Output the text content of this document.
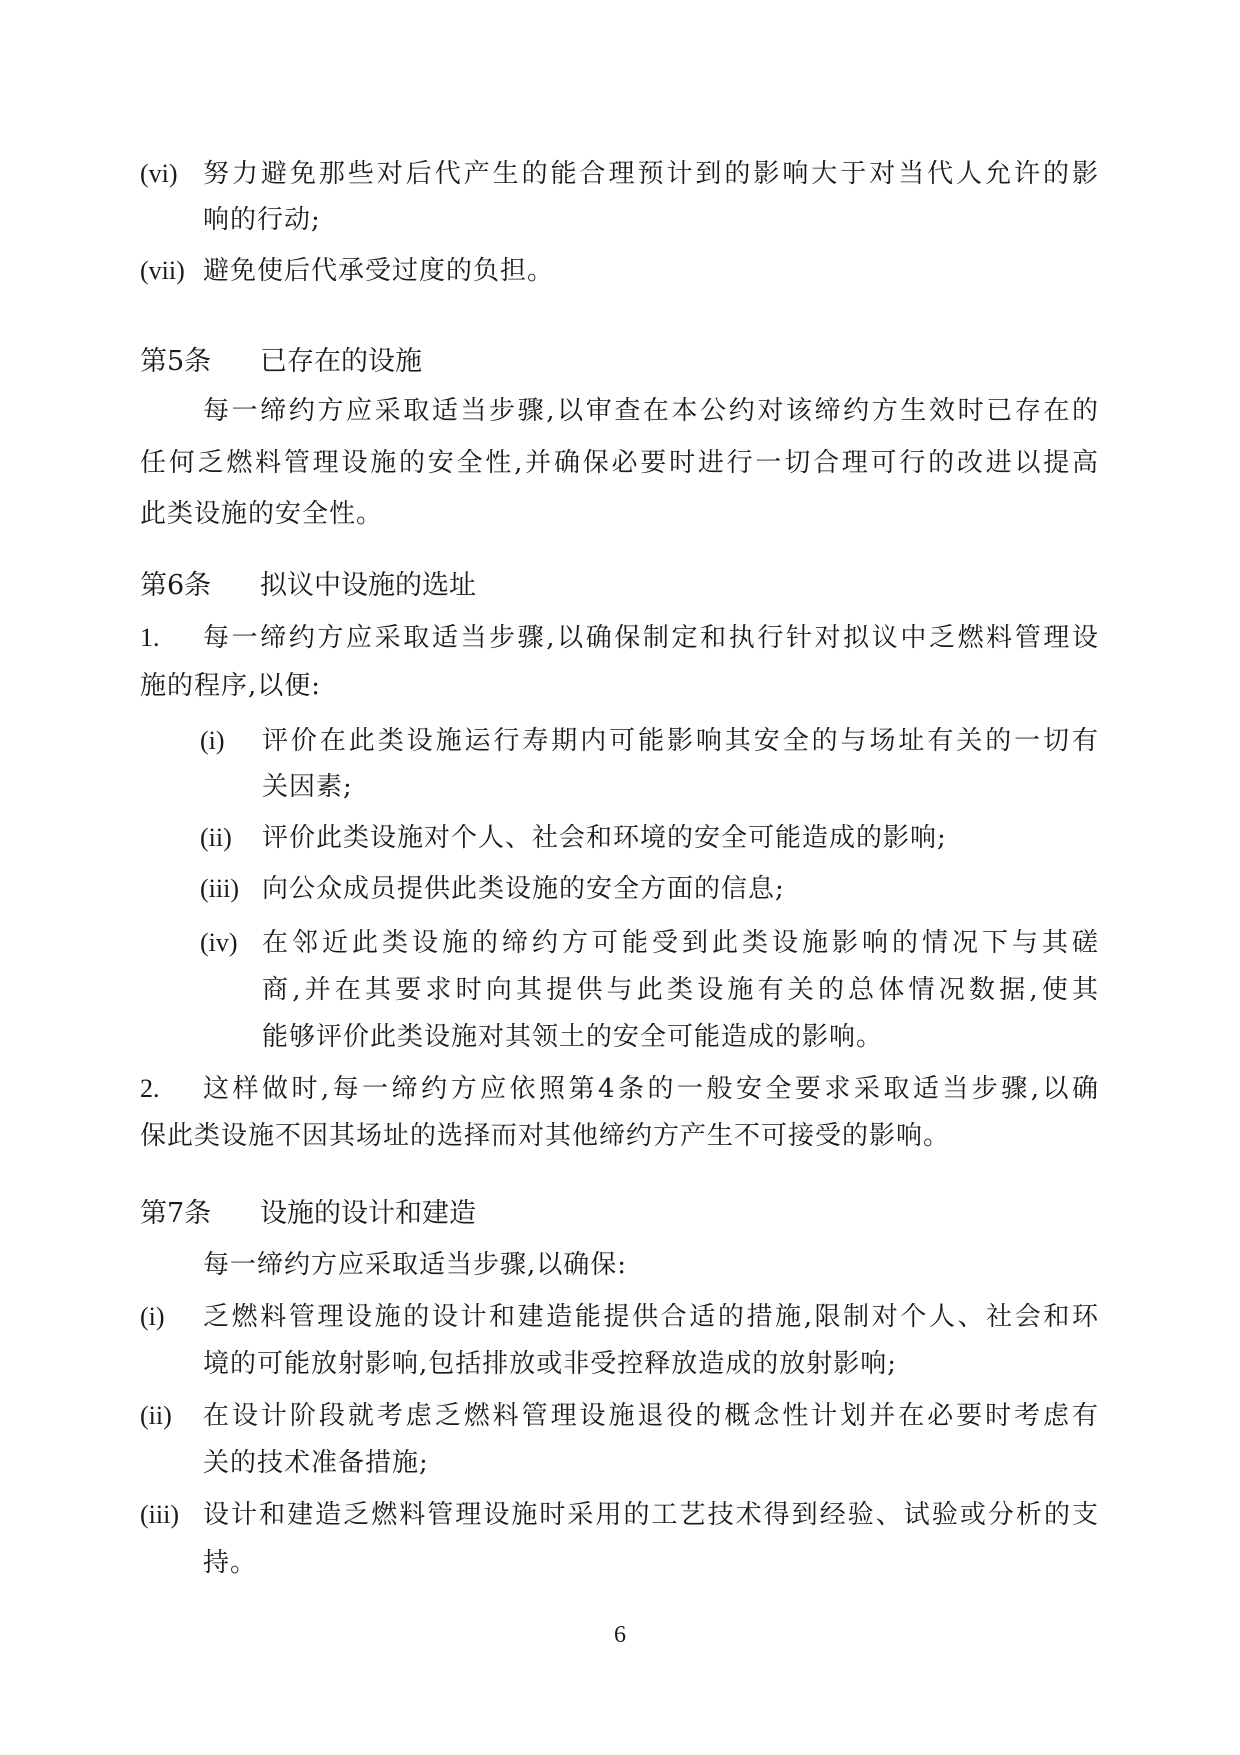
(vi) 努力避免那些对后代产生的能合理预计到的影响大于对当代人允许的影
响的行动;
(vii) 避免使后代承受过度的负担。
第5条 已存在的设施
每一缔约方应采取适当步骤,以审查在本公约对该缔约方生效时已存在的
任何乏燃料管理设施的安全性,并确保必要时进行一切合理可行的改进以提高
此类设施的安全性。
第6条 拟议中设施的选址
1. 每一缔约方应采取适当步骤,以确保制定和执行针对拟议中乏燃料管理设
施的程序,以便:
(i) 评价在此类设施运行寿期内可能影响其安全的与场址有关的一切有
关因素;
(ii) 评价此类设施对个人、社会和环境的安全可能造成的影响;
(iii) 向公众成员提供此类设施的安全方面的信息;
(iv) 在邻近此类设施的缔约方可能受到此类设施影响的情况下与其磋
商,并在其要求时向其提供与此类设施有关的总体情况数据,使其
能够评价此类设施对其领土的安全可能造成的影响。
2. 这样做时,每一缔约方应依照第4条的一般安全要求采取适当步骤,以确
保此类设施不因其场址的选择而对其他缔约方产生不可接受的影响。
第7条 设施的设计和建造
每一缔约方应采取适当步骤,以确保:
(i) 乏燃料管理设施的设计和建造能提供合适的措施,限制对个人、社会和环
境的可能放射影响,包括排放或非受控释放造成的放射影响;
(ii) 在设计阶段就考虑乏燃料管理设施退役的概念性计划并在必要时考虑有
关的技术准备措施;
(iii) 设计和建造乏燃料管理设施时采用的工艺技术得到经验、试验或分析的支
持。
6
